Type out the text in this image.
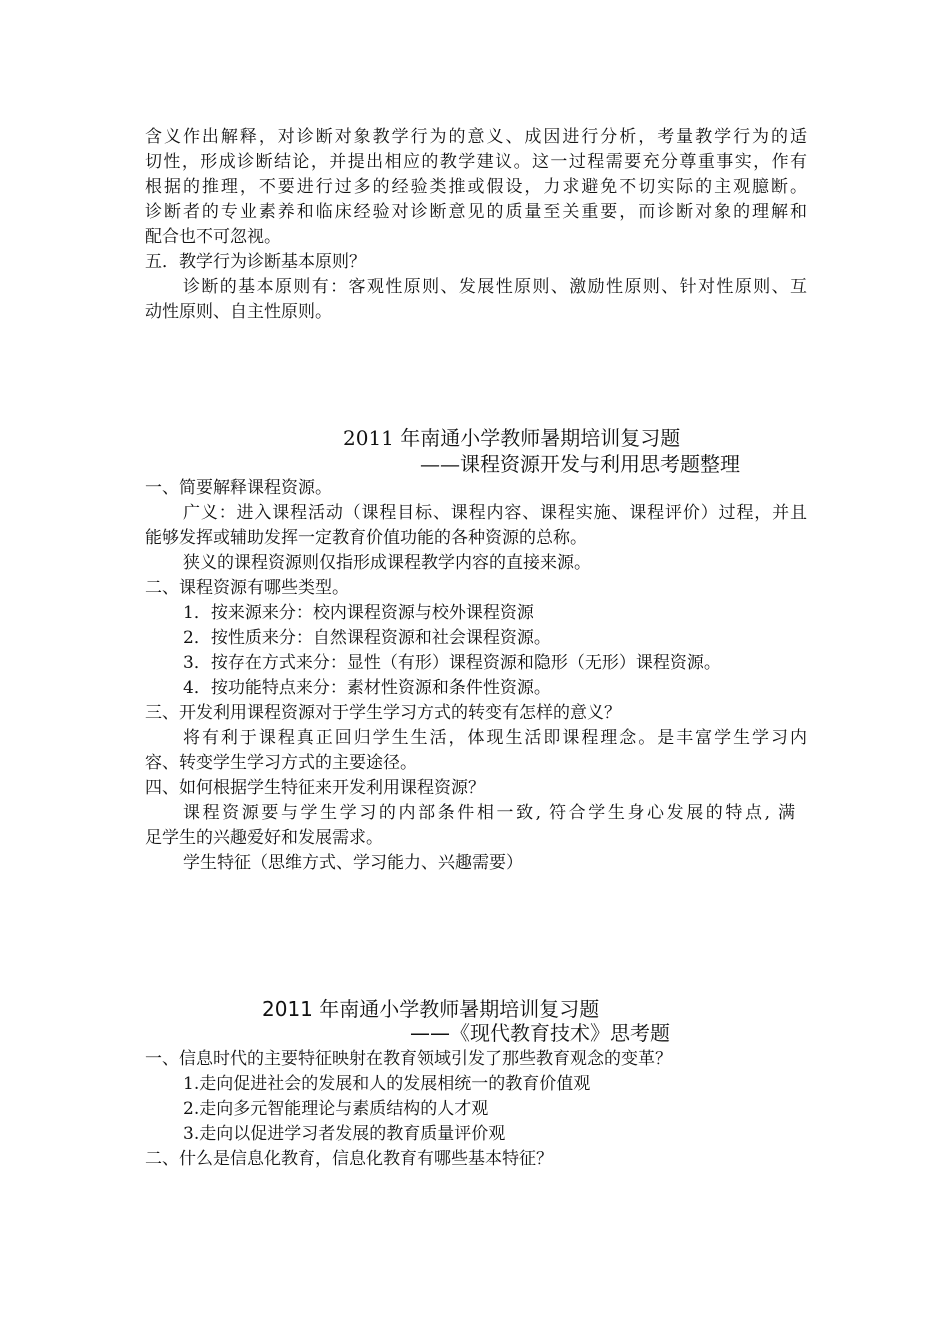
含义作出解释，对诊断对象教学行为的意义、成因进行分析，考量教学行为的适
切性，形成诊断结论，并提出相应的教学建议。这一过程需要充分尊重事实，作有
根据的推理，不要进行过多的经验类推或假设，力求避免不切实际的主观臆断。
诊断者的专业素养和临床经验对诊断意见的质量至关重要，而诊断对象的理解和
配合也不可忽视。
五．教学行为诊断基本原则？
诊断的基本原则有：客观性原则、发展性原则、激励性原则、针对性原则、互
动性原则、自主性原则。
2011 年南通小学教师暑期培训复习题
——课程资源开发与利用思考题整理
一、简要解释课程资源。
广义：进入课程活动（课程目标、课程内容、课程实施、课程评价）过程，并且
能够发挥或辅助发挥一定教育价值功能的各种资源的总称。
狭义的课程资源则仅指形成课程教学内容的直接来源。
二、课程资源有哪些类型。
1．按来源来分：校内课程资源与校外课程资源
2．按性质来分：自然课程资源和社会课程资源。
3．按存在方式来分：显性（有形）课程资源和隐形（无形）课程资源。
4．按功能特点来分：素材性资源和条件性资源。
三、开发利用课程资源对于学生学习方式的转变有怎样的意义？
将有利于课程真正回归学生生活，体现生活即课程理念。是丰富学生学习内
容、转变学生学习方式的主要途径。
四、如何根据学生特征来开发利用课程资源？
课程资源要与学生学习的内部条件相一致, 符合学生身心发展的特点, 满
足学生的兴趣爱好和发展需求。
学生特征（思维方式、学习能力、兴趣需要）
2011 年南通小学教师暑期培训复习题
——《现代教育技术》思考题
一、信息时代的主要特征映射在教育领域引发了那些教育观念的变革？
1.走向促进社会的发展和人的发展相统一的教育价值观
2.走向多元智能理论与素质结构的人才观
3.走向以促进学习者发展的教育质量评价观
二、什么是信息化教育，信息化教育有哪些基本特征？
